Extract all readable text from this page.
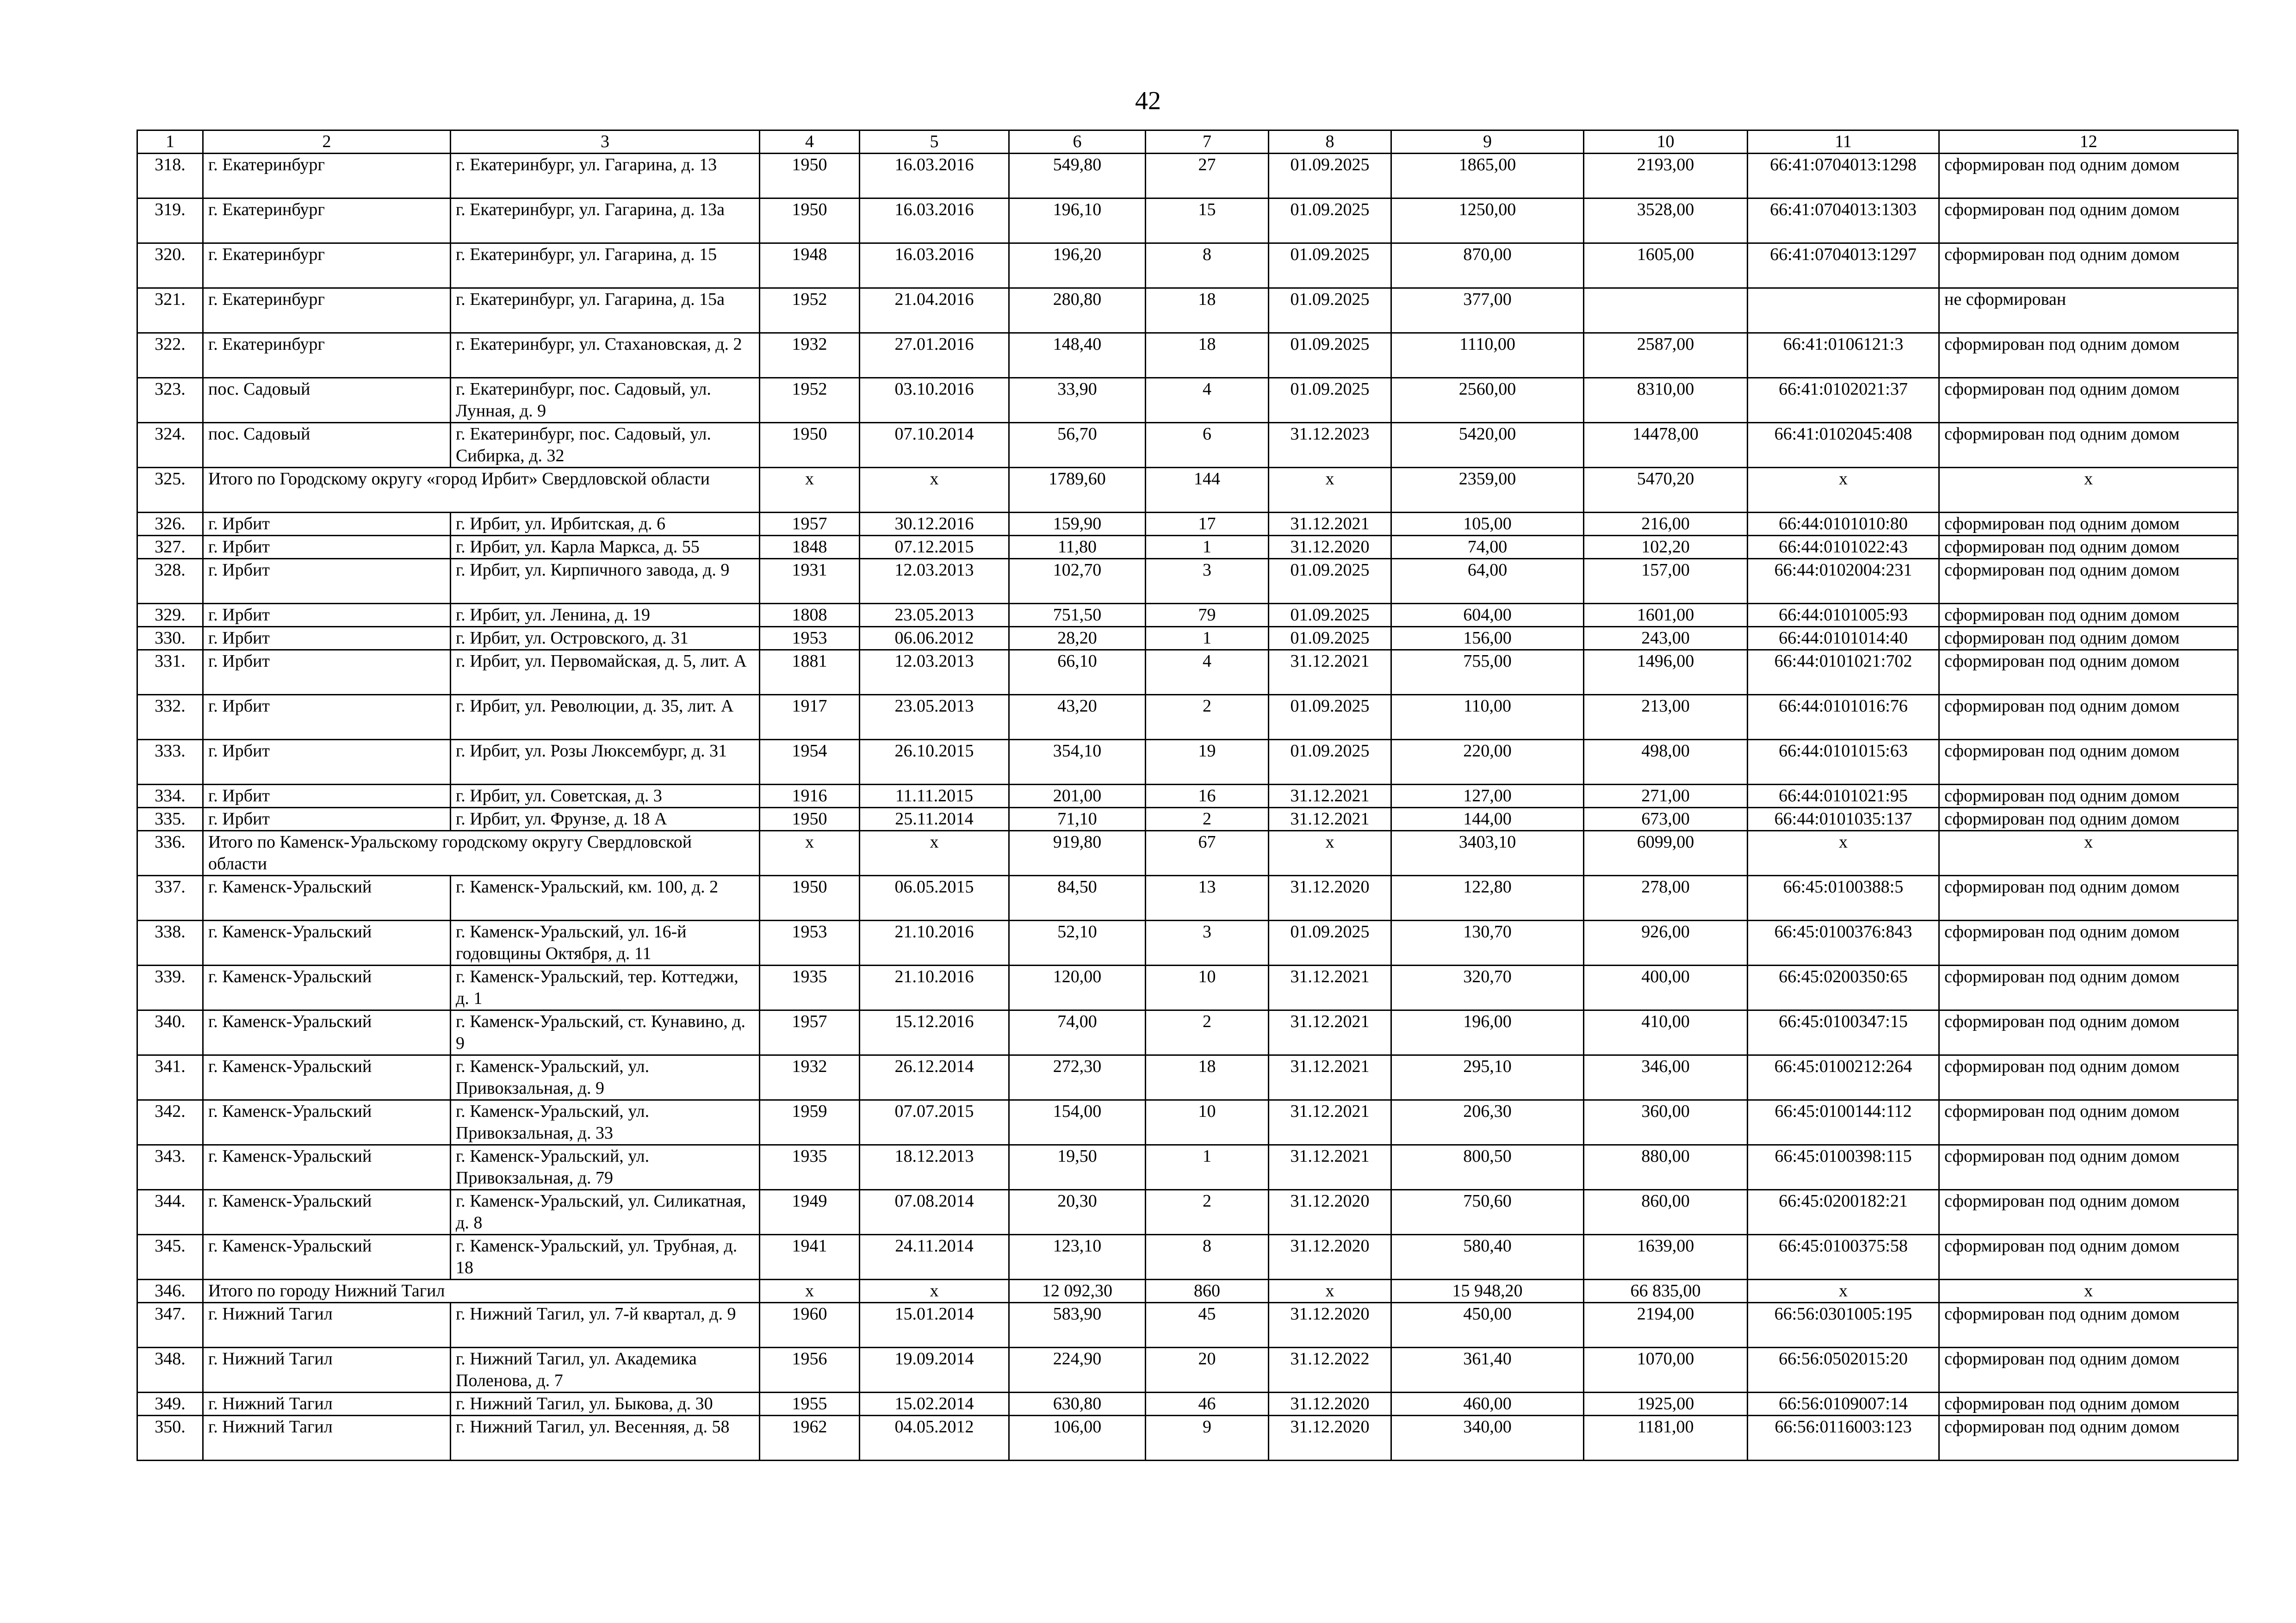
42
1	2	3	4	5	6	7	8	9	10	11	12
318.	г. Екатеринбург	г. Екатеринбург, ул. Гагарина, д. 13	1950	16.03.2016	549,80	27	01.09.2025	1865,00	2193,00	66:41:0704013:1298	сформирован под одним домом
319.	г. Екатеринбург	г. Екатеринбург, ул. Гагарина, д. 13а	1950	16.03.2016	196,10	15	01.09.2025	1250,00	3528,00	66:41:0704013:1303	сформирован под одним домом
320.	г. Екатеринбург	г. Екатеринбург, ул. Гагарина, д. 15	1948	16.03.2016	196,20	8	01.09.2025	870,00	1605,00	66:41:0704013:1297	сформирован под одним домом
321.	г. Екатеринбург	г. Екатеринбург, ул. Гагарина, д. 15а	1952	21.04.2016	280,80	18	01.09.2025	377,00			не сформирован
322.	г. Екатеринбург	г. Екатеринбург, ул. Стахановская, д. 2	1932	27.01.2016	148,40	18	01.09.2025	1110,00	2587,00	66:41:0106121:3	сформирован под одним домом
323.	пос. Садовый	г. Екатеринбург, пос. Садовый, ул. Лунная, д. 9	1952	03.10.2016	33,90	4	01.09.2025	2560,00	8310,00	66:41:0102021:37	сформирован под одним домом
324.	пос. Садовый	г. Екатеринбург, пос. Садовый, ул. Сибирка, д. 32	1950	07.10.2014	56,70	6	31.12.2023	5420,00	14478,00	66:41:0102045:408	сформирован под одним домом
325.	Итого по Городскому округу «город Ирбит» Свердловской области		х	х	1789,60	144	х	2359,00	5470,20	х	х
326.	г. Ирбит	г. Ирбит, ул. Ирбитская, д. 6	1957	30.12.2016	159,90	17	31.12.2021	105,00	216,00	66:44:0101010:80	сформирован под одним домом
327.	г. Ирбит	г. Ирбит, ул. Карла Маркса, д. 55	1848	07.12.2015	11,80	1	31.12.2020	74,00	102,20	66:44:0101022:43	сформирован под одним домом
328.	г. Ирбит	г. Ирбит, ул. Кирпичного завода, д. 9	1931	12.03.2013	102,70	3	01.09.2025	64,00	157,00	66:44:0102004:231	сформирован под одним домом
329.	г. Ирбит	г. Ирбит, ул. Ленина, д. 19	1808	23.05.2013	751,50	79	01.09.2025	604,00	1601,00	66:44:0101005:93	сформирован под одним домом
330.	г. Ирбит	г. Ирбит, ул. Островского, д. 31	1953	06.06.2012	28,20	1	01.09.2025	156,00	243,00	66:44:0101014:40	сформирован под одним домом
331.	г. Ирбит	г. Ирбит, ул. Первомайская, д. 5, лит. А	1881	12.03.2013	66,10	4	31.12.2021	755,00	1496,00	66:44:0101021:702	сформирован под одним домом
332.	г. Ирбит	г. Ирбит, ул. Революции, д. 35, лит. А	1917	23.05.2013	43,20	2	01.09.2025	110,00	213,00	66:44:0101016:76	сформирован под одним домом
333.	г. Ирбит	г. Ирбит, ул. Розы Люксембург, д. 31	1954	26.10.2015	354,10	19	01.09.2025	220,00	498,00	66:44:0101015:63	сформирован под одним домом
334.	г. Ирбит	г. Ирбит, ул. Советская, д. 3	1916	11.11.2015	201,00	16	31.12.2021	127,00	271,00	66:44:0101021:95	сформирован под одним домом
335.	г. Ирбит	г. Ирбит, ул. Фрунзе, д. 18 А	1950	25.11.2014	71,10	2	31.12.2021	144,00	673,00	66:44:0101035:137	сформирован под одним домом
336.	Итого по Каменск-Уральскому городскому округу Свердловской области		х	х	919,80	67	х	3403,10	6099,00	х	х
337.	г. Каменск-Уральский	г. Каменск-Уральский, км. 100, д. 2	1950	06.05.2015	84,50	13	31.12.2020	122,80	278,00	66:45:0100388:5	сформирован под одним домом
338.	г. Каменск-Уральский	г. Каменск-Уральский, ул. 16-й годовщины Октября, д. 11	1953	21.10.2016	52,10	3	01.09.2025	130,70	926,00	66:45:0100376:843	сформирован под одним домом
339.	г. Каменск-Уральский	г. Каменск-Уральский, тер. Коттеджи, д. 1	1935	21.10.2016	120,00	10	31.12.2021	320,70	400,00	66:45:0200350:65	сформирован под одним домом
340.	г. Каменск-Уральский	г. Каменск-Уральский, ст. Кунавино, д. 9	1957	15.12.2016	74,00	2	31.12.2021	196,00	410,00	66:45:0100347:15	сформирован под одним домом
341.	г. Каменск-Уральский	г. Каменск-Уральский, ул. Привокзальная, д. 9	1932	26.12.2014	272,30	18	31.12.2021	295,10	346,00	66:45:0100212:264	сформирован под одним домом
342.	г. Каменск-Уральский	г. Каменск-Уральский, ул. Привокзальная, д. 33	1959	07.07.2015	154,00	10	31.12.2021	206,30	360,00	66:45:0100144:112	сформирован под одним домом
343.	г. Каменск-Уральский	г. Каменск-Уральский, ул. Привокзальная, д. 79	1935	18.12.2013	19,50	1	31.12.2021	800,50	880,00	66:45:0100398:115	сформирован под одним домом
344.	г. Каменск-Уральский	г. Каменск-Уральский, ул. Силикатная, д. 8	1949	07.08.2014	20,30	2	31.12.2020	750,60	860,00	66:45:0200182:21	сформирован под одним домом
345.	г. Каменск-Уральский	г. Каменск-Уральский, ул. Трубная, д. 18	1941	24.11.2014	123,10	8	31.12.2020	580,40	1639,00	66:45:0100375:58	сформирован под одним домом
346.	Итого по городу Нижний Тагил		х	х	12 092,30	860	х	15 948,20	66 835,00	х	х
347.	г. Нижний Тагил	г. Нижний Тагил, ул. 7-й квартал, д. 9	1960	15.01.2014	583,90	45	31.12.2020	450,00	2194,00	66:56:0301005:195	сформирован под одним домом
348.	г. Нижний Тагил	г. Нижний Тагил, ул. Академика Поленова, д. 7	1956	19.09.2014	224,90	20	31.12.2022	361,40	1070,00	66:56:0502015:20	сформирован под одним домом
349.	г. Нижний Тагил	г. Нижний Тагил, ул. Быкова, д. 30	1955	15.02.2014	630,80	46	31.12.2020	460,00	1925,00	66:56:0109007:14	сформирован под одним домом
350.	г. Нижний Тагил	г. Нижний Тагил, ул. Весенняя, д. 58	1962	04.05.2012	106,00	9	31.12.2020	340,00	1181,00	66:56:0116003:123	сформирован под одним домом
